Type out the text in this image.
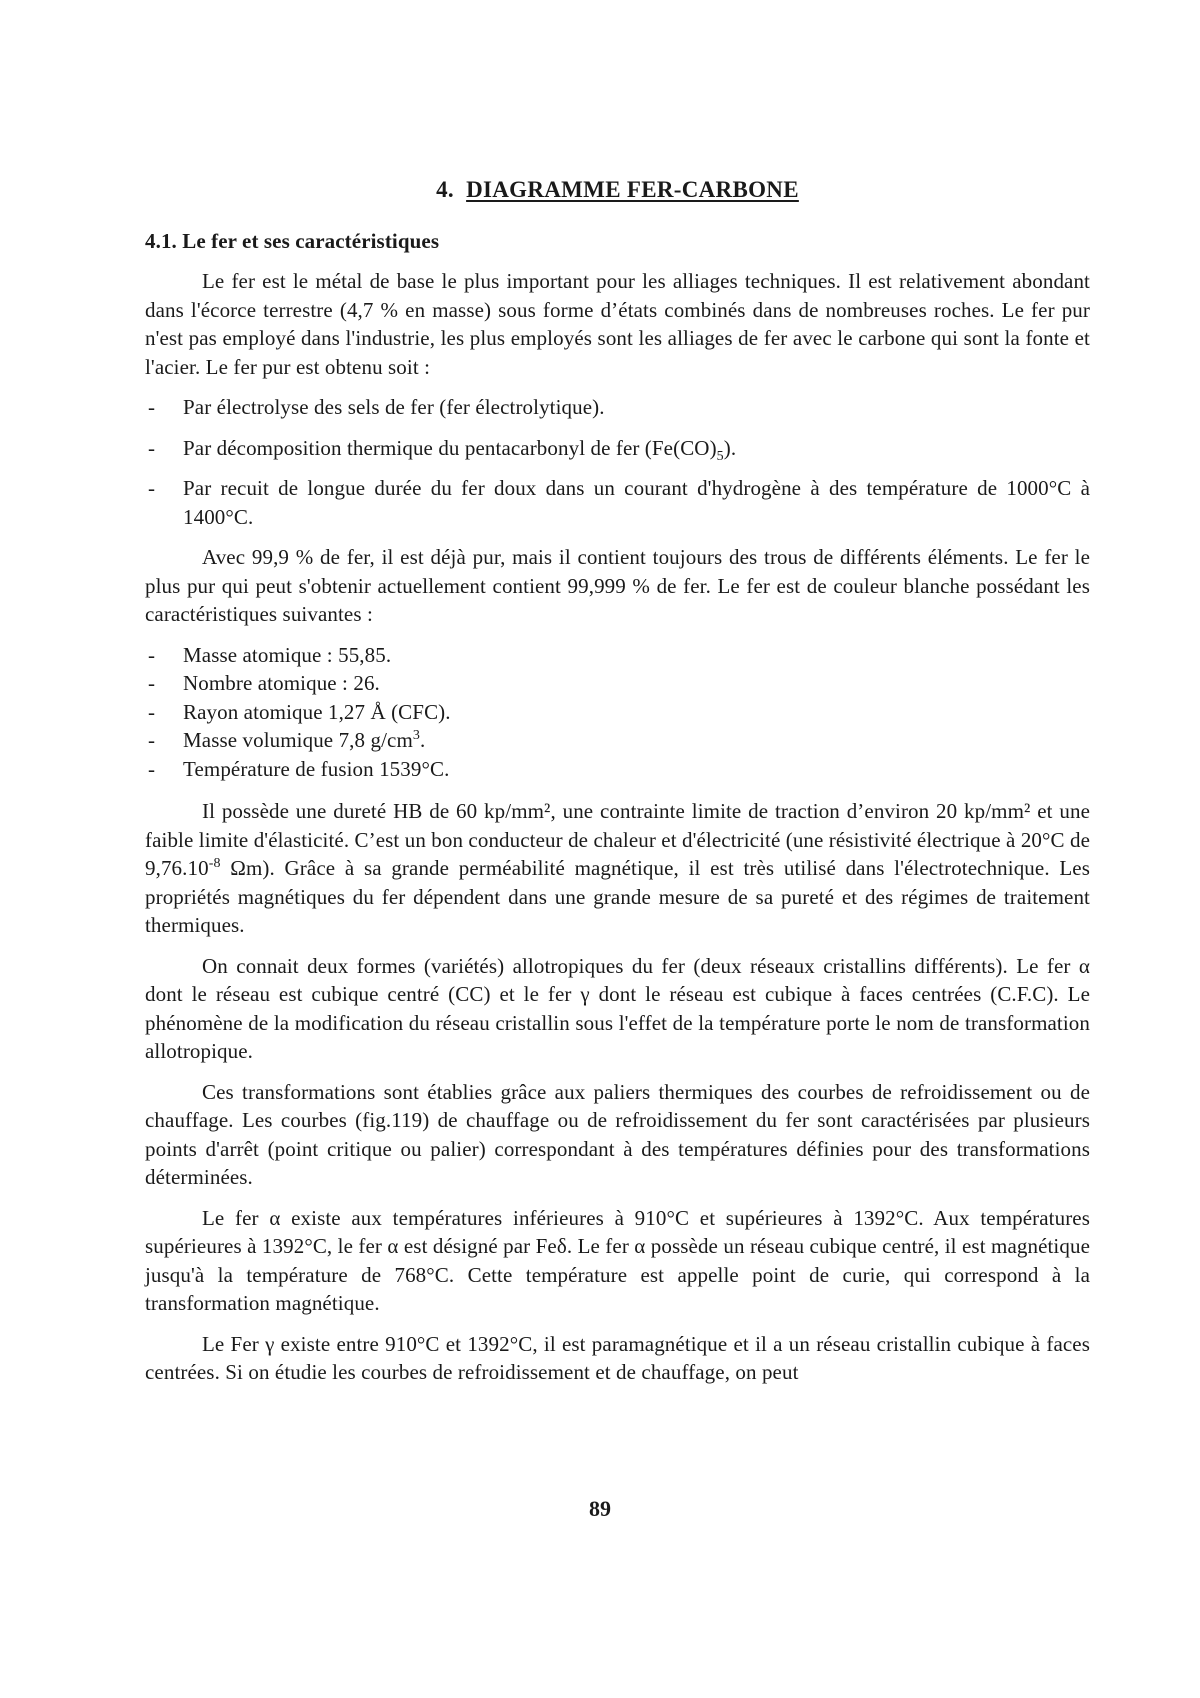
4. DIAGRAMME FER-CARBONE
4.1. Le fer et ses caractéristiques

Le fer est le métal de base le plus important pour les alliages techniques. Il est relativement abondant dans l'écorce terrestre (4,7 % en masse) sous forme d’états combinés dans de nombreuses roches. Le fer pur n'est pas employé dans l'industrie, les plus employés sont les alliages de fer avec le carbone qui sont la fonte et l'acier. Le fer pur est obtenu soit :

- Par électrolyse des sels de fer (fer électrolytique).
- Par décomposition thermique du pentacarbonyl de fer $(Fe(CO)_5)$.
- Par recuit de longue durée du fer doux dans un courant d'hydrogène à des température de 1000°C à 1400°C.

Avec 99,9 % de fer, il est déjà pur, mais il contient toujours des trous de différents éléments. Le fer le plus pur qui peut s'obtenir actuellement contient 99,999 % de fer. Le fer est de couleur blanche possédant les caractéristiques suivantes :

- Masse atomique : 55,85.
- Nombre atomique : 26.
- Rayon atomique 1,27 Å (CFC).
- Masse volumique 7,8 $g/cm^3$.
- Température de fusion 1539°C.

Il possède une dureté HB de 60 kp/mm², une contrainte limite de traction d’environ 20 kp/mm² et une faible limite d'élasticité. C’est un bon conducteur de chaleur et d'électricité (une résistivité électrique à 20°C de $9,76.10^{-8}$ Ωm). Grâce à sa grande perméabilité magnétique, il est très utilisé dans l'électrotechnique. Les propriétés magnétiques du fer dépendent dans une grande mesure de sa pureté et des régimes de traitement thermiques.

On connait deux formes (variétés) allotropiques du fer (deux réseaux cristallins différents). Le fer α dont le réseau est cubique centré (CC) et le fer γ dont le réseau est cubique à faces centrées (C.F.C). Le phénomène de la modification du réseau cristallin sous l'effet de la température porte le nom de transformation allotropique.

Ces transformations sont établies grâce aux paliers thermiques des courbes de refroidissement ou de chauffage. Les courbes (fig.119) de chauffage ou de refroidissement du fer sont caractérisées par plusieurs points d'arrêt (point critique ou palier) correspondant à des températures définies pour des transformations déterminées.

Le fer α existe aux températures inférieures à 910°C et supérieures à 1392°C. Aux températures supérieures à 1392°C, le fer α est désigné par Feδ. Le fer α possède un réseau cubique centré, il est magnétique jusqu'à la température de 768°C. Cette température est appelle point de curie, qui correspond à la transformation magnétique.

Le Fer γ existe entre 910°C et 1392°C, il est paramagnétique et il a un réseau cristallin cubique à faces centrées. Si on étudie les courbes de refroidissement et de chauffage, on peut

89
